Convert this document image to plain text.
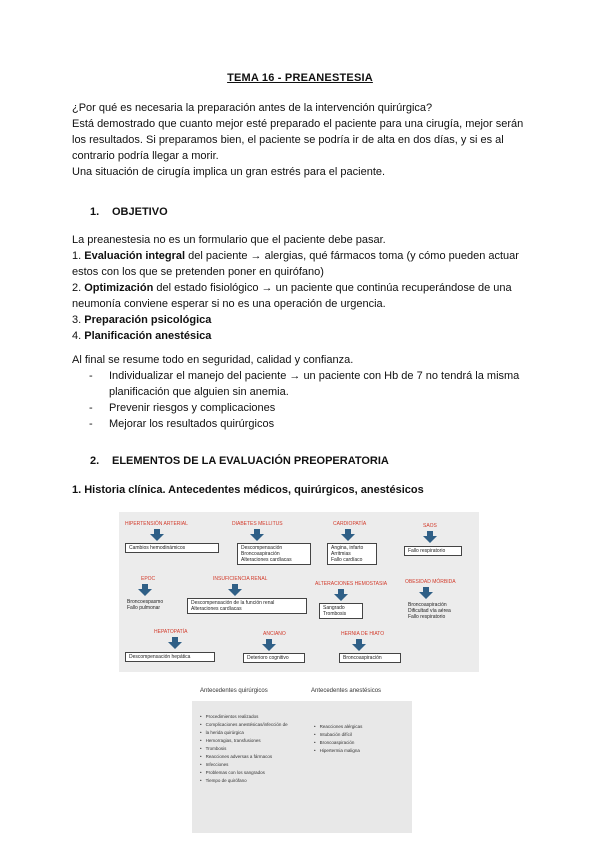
TEMA 16 - PREANESTESIA

¿Por qué es necesaria la preparación antes de la intervención quirúrgica?

Está demostrado que cuanto mejor esté preparado el paciente para una cirugía, mejor serán

los resultados. Si preparamos bien, el paciente se podría ir de alta en dos días, y si es al

contrario podría llegar a morir.

Una situación de cirugía implica un gran estrés para el paciente.

1. OBJETIVO

La preanestesia no es un formulario que el paciente debe pasar.

1. Evaluación integral del paciente → alergias, qué fármacos toma (y cómo pueden actuar

estos con los que se pretenden poner en quirófano)

2. Optimización del estado fisiológico → un paciente que continúa recuperándose de una

neumonía conviene esperar si no es una operación de urgencia.

3. Preparación psicológica

4. Planificación anestésica

Al final se resume todo en seguridad, calidad y confianza.

- Individualizar el manejo del paciente → un paciente con Hb de 7 no tendrá la misma
planificación que alguien sin anemia.
- Prevenir riesgos y complicaciones
- Mejorar los resultados quirúrgicos
2. ELEMENTOS DE LA EVALUACIÓN PREOPERATORIA
1. Historia clínica. Antecedentes médicos, quirúrgicos, anestésicos
HIPERTENSIÓN ARTERIAL
Cambios hemodinámicos
DIABETES MELLITUS
Descompensación
Broncoaspiración
Alteraciones cardíacas
CARDIOPATÍA
Angina, infarto
Arritmias
Fallo cardíaco
SAOS
Fallo respiratorio
EPOC
Broncoespasmo
Fallo pulmonar
INSUFICIENCIA RENAL
Descompensación de la función renal
Alteraciones cardíacas
ALTERACIONES HEMOSTASIA
Sangrado
Trombosis
OBESIDAD MÓRBIDA
Broncoaspiración
Dificultad vía aérea
Fallo respiratorio
HEPATOPATÍA
Descompensación hepática
ANCIANO
Deterioro cognitivo
HERNIA DE HIATO
Broncoaspiración
Antecedentes quirúrgicos	Antecedentes anestésicos
• Procedimientos realizados
• Complicaciones anestésicas/infección de
• la herida quirúrgica
• Hemorragias, transfusiones
• Trombosis
• Reacciones adversas a fármacos
• Infecciones
• Problemas con los sangrados
• Tiempo de quirófano
• Reacciones alérgicas
• Intubación difícil
• Broncoaspiración
• Hipertermia maligna
